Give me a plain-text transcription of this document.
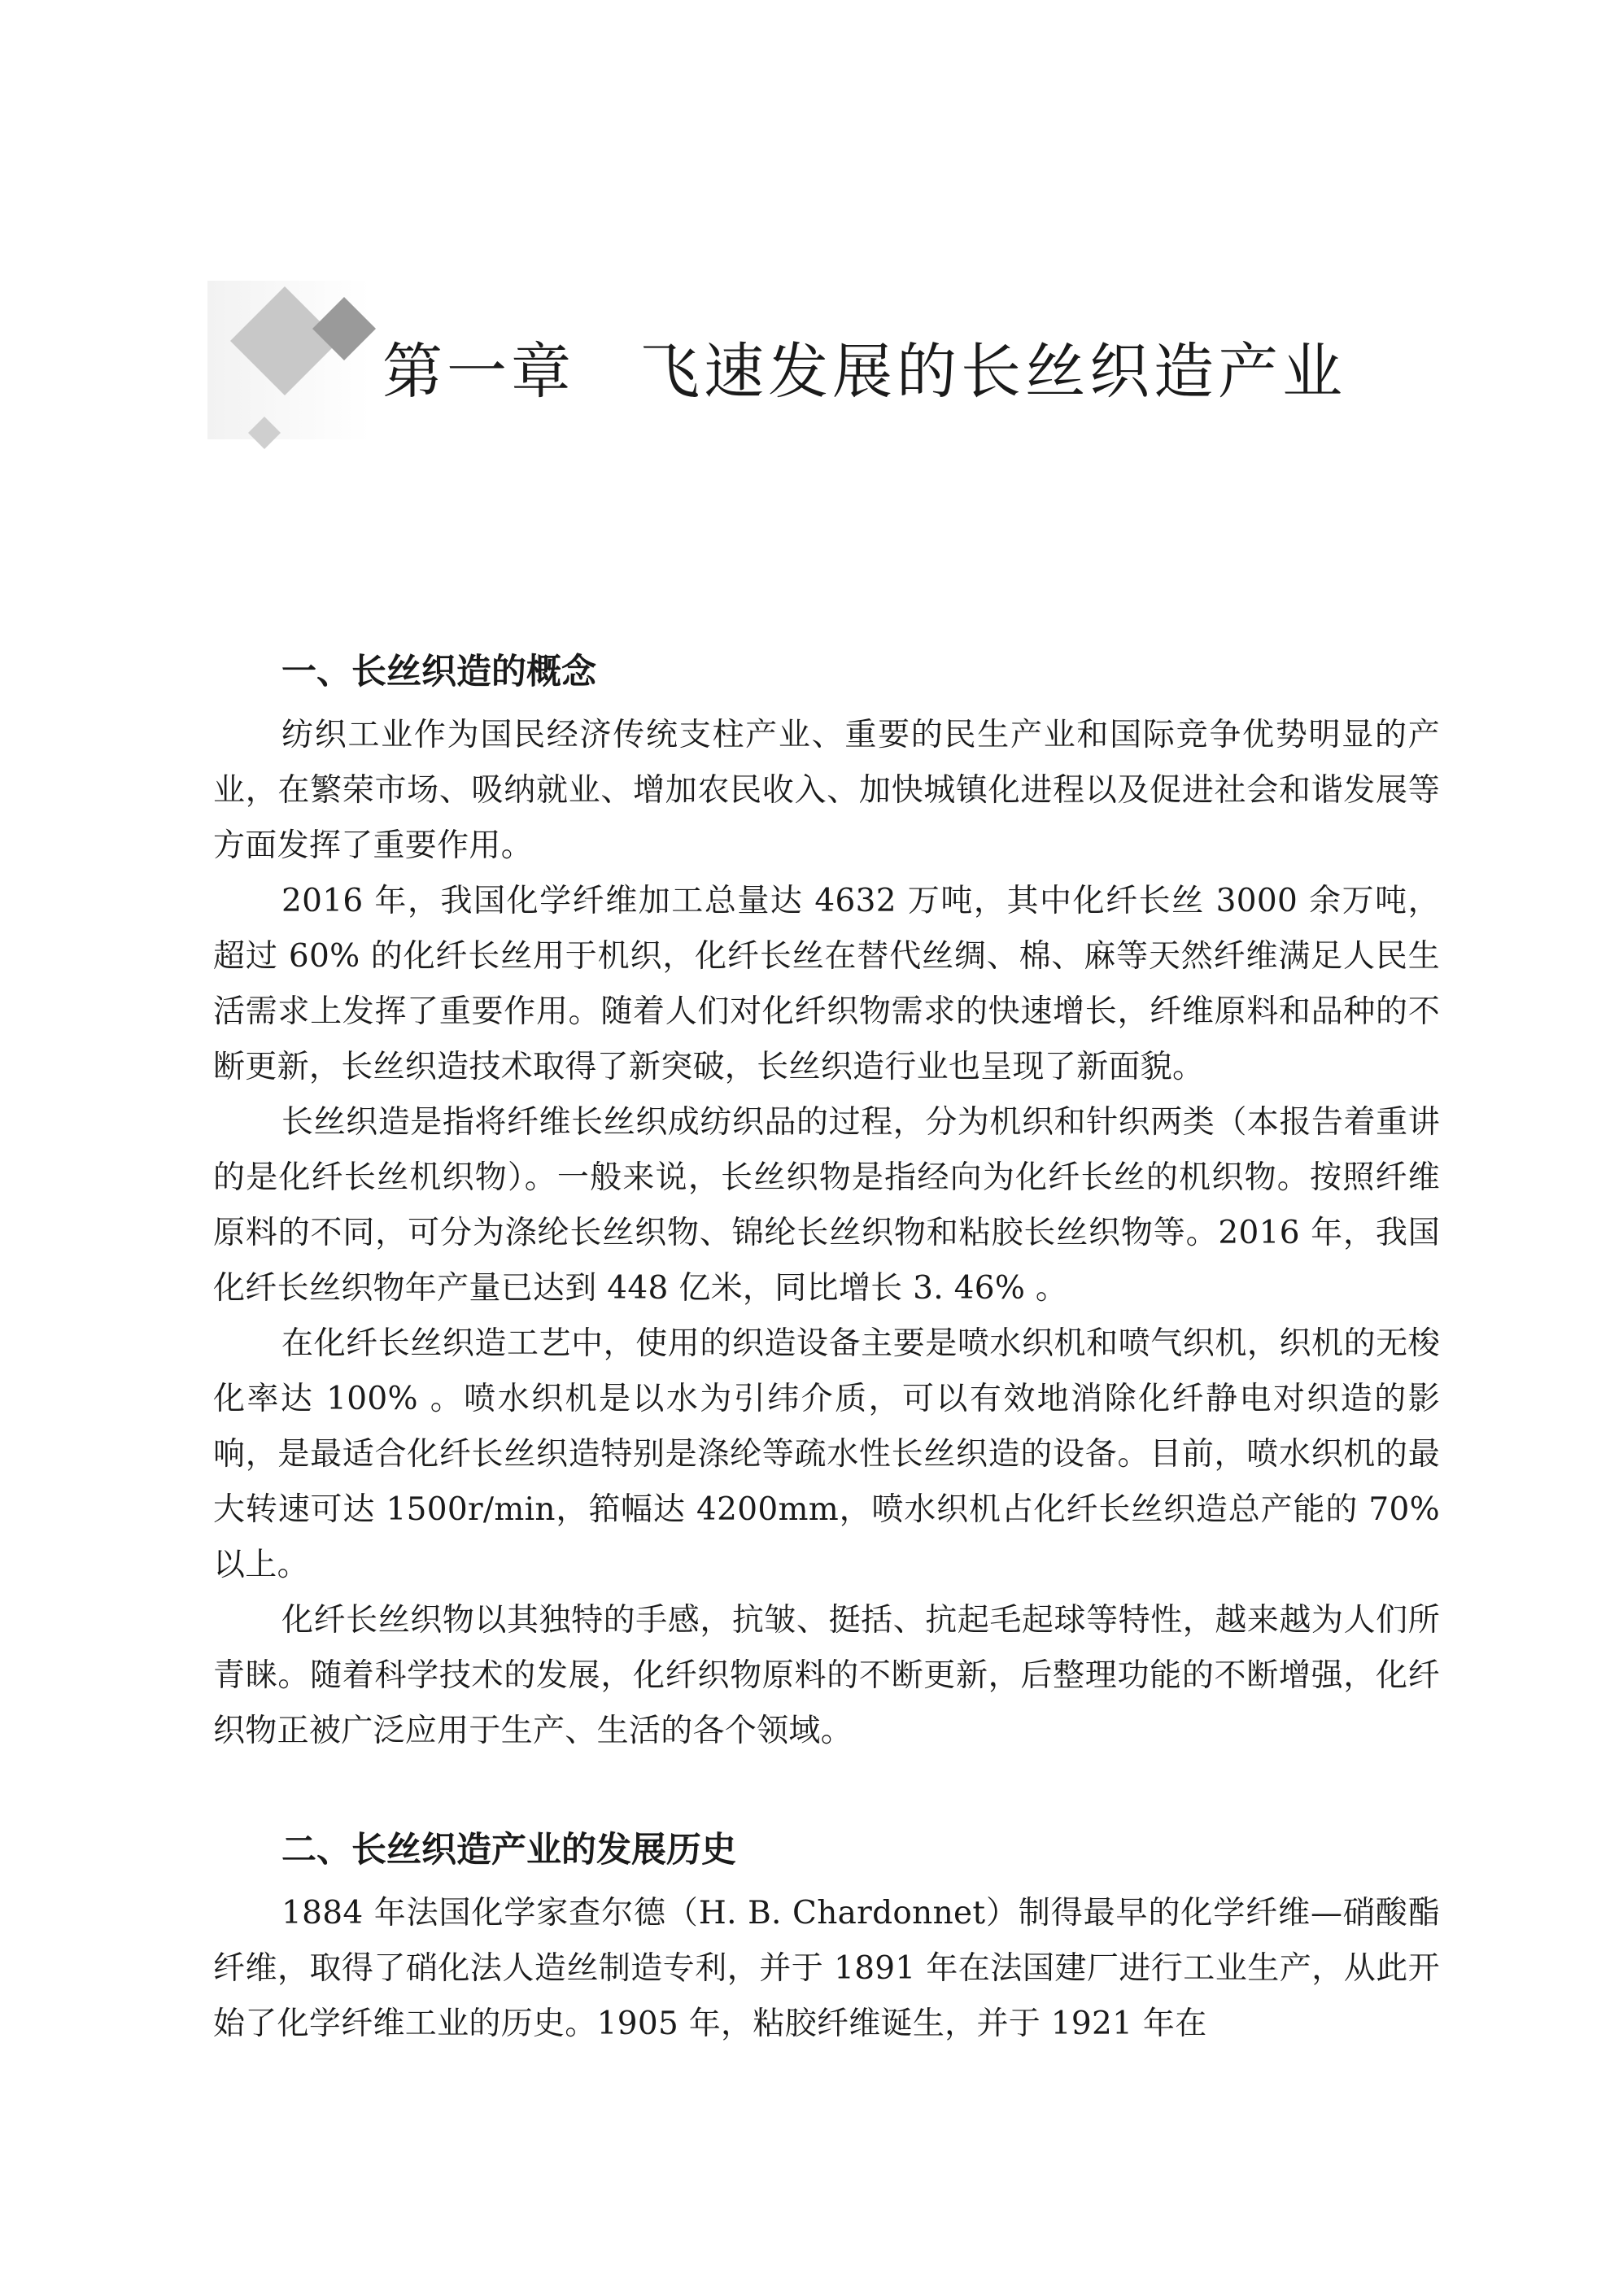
第一章　飞速发展的长丝织造产业
一、长丝织造的概念

纺织工业作为国民经济传统支柱产业、重要的民生产业和国际竞争优势明显的产业，在繁荣市场、吸纳就业、增加农民收入、加快城镇化进程以及促进社会和谐发展等方面发挥了重要作用。

2016 年，我国化学纤维加工总量达 4632 万吨，其中化纤长丝 3000 余万吨，超过 60% 的化纤长丝用于机织，化纤长丝在替代丝绸、棉、麻等天然纤维满足人民生活需求上发挥了重要作用。随着人们对化纤织物需求的快速增长，纤维原料和品种的不断更新，长丝织造技术取得了新突破，长丝织造行业也呈现了新面貌。

长丝织造是指将纤维长丝织成纺织品的过程，分为机织和针织两类（本报告着重讲的是化纤长丝机织物）。一般来说，长丝织物是指经向为化纤长丝的机织物。按照纤维原料的不同，可分为涤纶长丝织物、锦纶长丝织物和粘胶长丝织物等。2016 年，我国化纤长丝织物年产量已达到 448 亿米，同比增长 3. 46% 。

在化纤长丝织造工艺中，使用的织造设备主要是喷水织机和喷气织机，织机的无梭化率达 100% 。喷水织机是以水为引纬介质，可以有效地消除化纤静电对织造的影响，是最适合化纤长丝织造特别是涤纶等疏水性长丝织造的设备。目前，喷水织机的最大转速可达 1500r/min，筘幅达 4200mm，喷水织机占化纤长丝织造总产能的 70% 以上。

化纤长丝织物以其独特的手感，抗皱、挺括、抗起毛起球等特性，越来越为人们所青睐。随着科学技术的发展，化纤织物原料的不断更新，后整理功能的不断增强，化纤织物正被广泛应用于生产、生活的各个领域。

二、长丝织造产业的发展历史

1884 年法国化学家查尔德（H. B. Chardonnet）制得最早的化学纤维—硝酸酯纤维，取得了硝化法人造丝制造专利，并于 1891 年在法国建厂进行工业生产，从此开始了化学纤维工业的历史。1905 年，粘胶纤维诞生，并于 1921 年在
